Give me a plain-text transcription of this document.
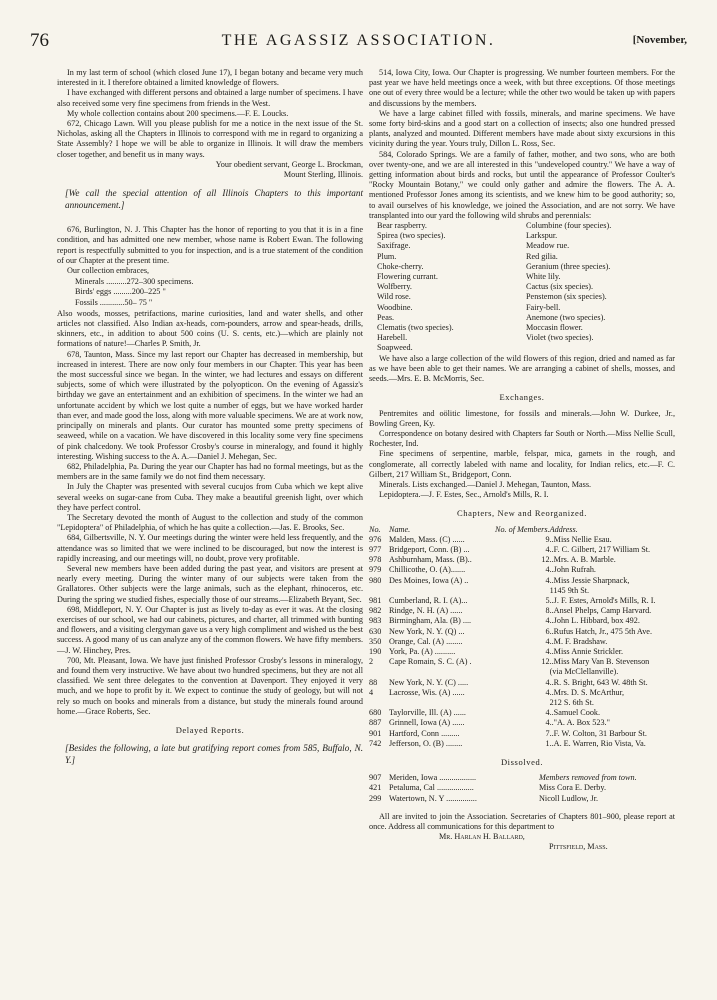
76	THE AGASSIZ ASSOCIATION.	[November,

In my last term of school (which closed June 17), I began botany and became very much interested in it. I therefore obtained a limited knowledge of flowers.

I have exchanged with different persons and obtained a large number of specimens. I have also received some very fine specimens from friends in the West.

My whole collection contains about 200 specimens.—F. E. Loucks.

672, Chicago Lawn. Will you please publish for me a notice in the next issue of the St. Nicholas, asking all the Chapters in Illinois to correspond with me in regard to organizing a State Assembly? I hope we will be able to organize in Illinois. It will draw the members closer together, and benefit us in many ways.

Your obedient servant, George L. Brockman,

Mount Sterling, Illinois.

[We call the special attention of all Illinois Chapters to this important announcement.]

676, Burlington, N. J. This Chapter has the honor of reporting to you that it is in a fine condition, and has admitted one new member, whose name is Robert Ewan. The following report is respectfully submitted to you for inspection, and is a true statement of the condition of our Chapter at the present time.

Our collection embraces,

Minerals ..........272–300 specimens.
Birds' eggs .........200–225 "
Fossils ............50– 75 "

Also woods, mosses, petrifactions, marine curiosities, land and water shells, and other articles not classified. Also Indian ax-heads, corn-pounders, arrow and spear-heads, drills, skinners, etc., in addition to about 500 coins (U. S. cents, etc.)—which are plainly not formations of nature!—Charles P. Smith, Jr.

678, Taunton, Mass. Since my last report our Chapter has decreased in membership, but increased in interest. There are now only four members in our Chapter. This year has been the most successful since we began. In the winter, we had lectures and essays on different subjects, some of which were illustrated by the polyopticon. On the evening of Agassiz's birthday we gave an entertainment and an exhibition of specimens. In the winter we had an unfortunate accident by which we lost quite a number of eggs, but we have worked harder than ever, and made good the loss, along with more valuable specimens. We are at work now, principally on minerals and plants. Our curator has mounted some pretty specimens of seaweed, while on a vacation. We have discovered in this locality some very fine specimens of pink chalcedony. We took Professor Crosby's course in mineralogy, and found it highly interesting. Wishing success to the A. A.—Daniel J. Mehegan, Sec.

682, Philadelphia, Pa. During the year our Chapter has had no formal meetings, but as the members are in the same family we do not find them necessary.

In July the Chapter was presented with several cucujos from Cuba which we kept alive several weeks on sugar-cane from Cuba. They make a beautiful greenish light, over which they have perfect control.

The Secretary devoted the month of August to the collection and study of the common "Lepidoptera" of Philadelphia, of which he has quite a collection.—Jas. E. Brooks, Sec.

684, Gilbertsville, N. Y. Our meetings during the winter were held less frequently, and the attendance was so limited that we were inclined to be discouraged, but now the interest is rapidly increasing, and our meetings will, no doubt, prove very profitable.

Several new members have been added during the past year, and visitors are present at nearly every meeting. During the winter many of our subjects were taken from the Grallatores. Other subjects were the large animals, such as the elephant, rhinoceros, etc. During the spring we studied fishes, especially those of our streams.—Elizabeth Bryant, Sec.

698, Middleport, N. Y. Our Chapter is just as lively to-day as ever it was. At the closing exercises of our school, we had our cabinets, pictures, and charter, all trimmed with bunting and flowers, and a visiting clergyman gave us a very high compliment and wished us the best success. A good many of us can analyze any of the common flowers. We have fifty members.—J. W. Hinchey, Pres.

700, Mt. Pleasant, Iowa. We have just finished Professor Crosby's lessons in mineralogy, and found them very instructive. We have about two hundred specimens, but they are not all classified. We sent three delegates to the convention at Davenport. They enjoyed it very much, and we hope to profit by it. We expect to continue the study of geology, but will not rely so much on books and minerals from a distance, but study the minerals found around home.—Grace Roberts, Sec.

Delayed Reports.

[Besides the following, a late but gratifying report comes from 585, Buffalo, N. Y.]

514, Iowa City, Iowa. Our Chapter is progressing. We number fourteen members. For the past year we have held meetings once a week, with but three exceptions. Of those meetings one out of every three would be a lecture; while the other two would be taken up with papers and discussions by the members.

We have a large cabinet filled with fossils, minerals, and marine specimens. We have some forty bird-skins and a good start on a collection of insects; also one hundred pressed plants, analyzed and mounted. Different members have made about sixty excursions in this vicinity during the year. Yours truly, Dillon L. Ross, Sec.

584, Colorado Springs. We are a family of father, mother, and two sons, who are both over twenty-one, and we are all interested in this "undeveloped country." We have a way of getting information about birds and rocks, but until the appearance of Professor Coulter's "Rocky Mountain Botany," we could only gather and admire the flowers. The A. A. mentioned Professor Jones among its scientists, and we knew him to be good authority; so, to avail ourselves of his knowledge, we joined the Association, and are not sorry. We have transplanted into our yard the following wild shrubs and perennials:

Bear raspberry.	Columbine (four species).
Spirea (two species).	Larkspur.
Saxifrage.	Meadow rue.
Plum.	Red gilia.
Choke-cherry.	Geranium (three species).
Flowering currant.	White lily.
Wolfberry.	Cactus (six species).
Wild rose.	Penstemon (six species).
Woodbine.	Fairy-bell.
Peas.	Anemone (two species).
Clematis (two species).	Moccasin flower.
Harebell.	Violet (two species).
Soapweed.

We have also a large collection of the wild flowers of this region, dried and named as far as we have been able to get their names. We are arranging a cabinet of shells, mosses, and seeds.—Mrs. E. B. McMorris, Sec.

Exchanges.

Pentremites and oölitic limestone, for fossils and minerals.—John W. Durkee, Jr., Bowling Green, Ky.

Correspondence on botany desired with Chapters far South or North.—Miss Nellie Scull, Rochester, Ind.

Fine specimens of serpentine, marble, felspar, mica, garnets in the rough, and conglomerate, all correctly labeled with name and locality, for Indian relics, etc.—F. C. Gilbert, 217 William St., Bridgeport, Conn.

Minerals. Lists exchanged.—Daniel J. Mehegan, Taunton, Mass.

Lepidoptera.—J. F. Estes, Sec., Arnold's Mills, R. I.

Chapters, New and Reorganized.

No.	Name.	No. of Members.	Address.
976	Malden, Mass. (C) ......	9	..Miss Nellie Esau.
977	Bridgeport, Conn. (B) ...	4	..F. C. Gilbert, 217 William St.
978	Ashburnham, Mass. (B)..	12	..Mrs. A. B. Marble.
979	Chillicothe, O. (A).......	4	..John Rufrah.
980	Des Moines, Iowa (A) ..	4	..Miss Jessie Sharpnack,
			1145 9th St.
981	Cumberland, R. I. (A)...	5	..J. F. Estes, Arnold's Mills, R. I.
982	Rindge, N. H. (A) ......	8	..Ansel Phelps, Camp Harvard.
983	Birmingham, Ala. (B) ....	4	..John L. Hibbard, box 492.
630	New York, N. Y. (Q) ...	6	..Rufus Hatch, Jr., 475 5th Ave.
350	Orange, Cal. (A) ........	4	..M. F. Bradshaw.
190	York, Pa. (A) ..........	4	..Miss Annie Strickler.
2	Cape Romain, S. C. (A) .	12	..Miss Mary Van B. Stevenson
			(via McClellanville).
88	New York, N. Y. (C) .....	4	..R. S. Bright, 643 W. 48th St.
4	Lacrosse, Wis. (A) ......	4	..Mrs. D. S. McArthur,
			212 S. 6th St.
680	Taylorville, Ill. (A) ......	4	..Samuel Cook.
887	Grinnell, Iowa (A) ......	4	.."A. A. Box 523."
901	Hartford, Conn .........	7	..F. W. Colton, 31 Barbour St.
742	Jefferson, O. (B) ........	1	..A. E. Warren, Rio Vista, Va.

Dissolved.

907	Meriden, Iowa ..................	Members removed from town.
421	Petaluma, Cal ..................	Miss Cora E. Derby.
299	Watertown, N. Y ...............	Nicoll Ludlow, Jr.

All are invited to join the Association. Secretaries of Chapters 801–900, please report at once. Address all communications for this department to

Mr. Harlan H. Ballard,

Pittsfield, Mass.
